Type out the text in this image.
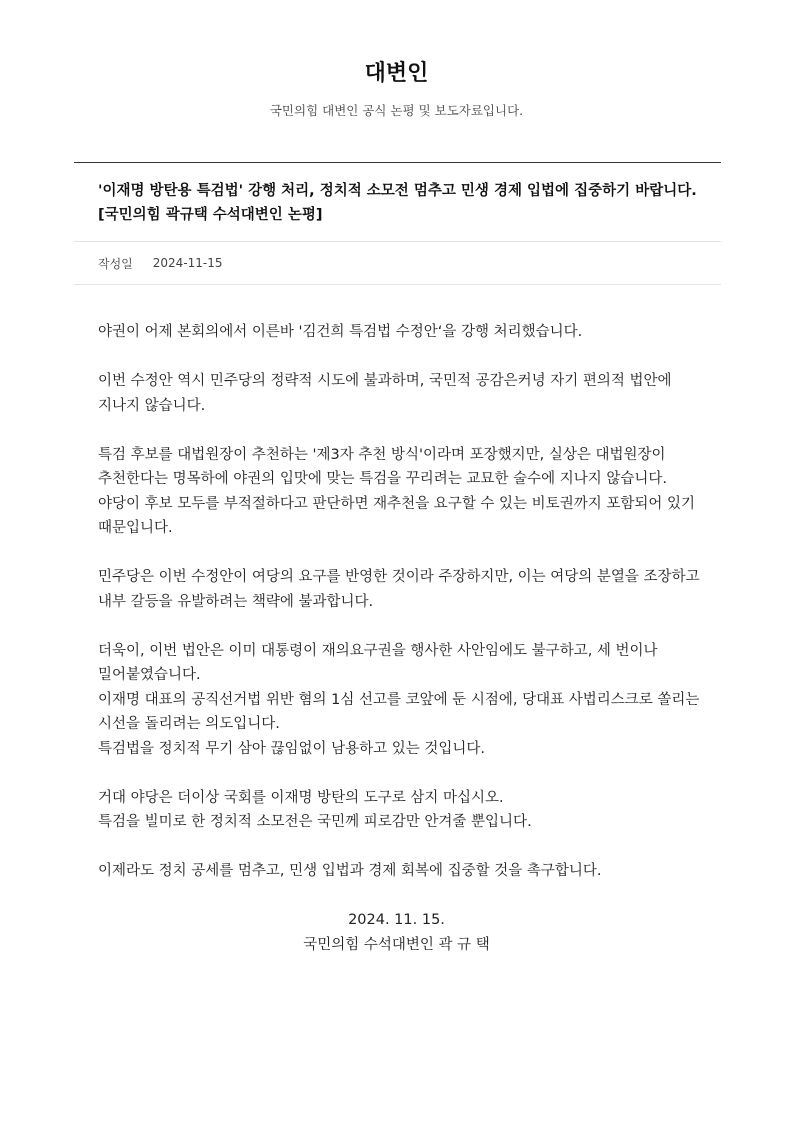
대변인
국민의힘 대변인 공식 논평 및 보도자료입니다.
'이재명 방탄용 특검법' 강행 처리, 정치적 소모전 멈추고 민생 경제 입법에 집중하기 바랍니다. [국민의힘 곽규택 수석대변인 논평]
작성일 2024-11-15

야권이 어제 본회의에서 이른바 '김건희 특검법 수정안‘을 강행 처리했습니다.

이번 수정안 역시 민주당의 정략적 시도에 불과하며, 국민적 공감은커녕 자기 편의적 법안에 지나지 않습니다.

특검 후보를 대법원장이 추천하는 '제3자 추천 방식'이라며 포장했지만, 실상은 대법원장이 추천한다는 명목하에 야권의 입맛에 맞는 특검을 꾸리려는 교묘한 술수에 지나지 않습니다. 야당이 후보 모두를 부적절하다고 판단하면 재추천을 요구할 수 있는 비토권까지 포함되어 있기 때문입니다.

민주당은 이번 수정안이 여당의 요구를 반영한 것이라 주장하지만, 이는 여당의 분열을 조장하고 내부 갈등을 유발하려는 책략에 불과합니다.

더욱이, 이번 법안은 이미 대통령이 재의요구권을 행사한 사안임에도 불구하고, 세 번이나 밀어붙였습니다.
이재명 대표의 공직선거법 위반 혐의 1심 선고를 코앞에 둔 시점에, 당대표 사법리스크로 쏠리는 시선을 돌리려는 의도입니다.
특검법을 정치적 무기 삼아 끊임없이 남용하고 있는 것입니다.

거대 야당은 더이상 국회를 이재명 방탄의 도구로 삼지 마십시오.
특검을 빌미로 한 정치적 소모전은 국민께 피로감만 안겨줄 뿐입니다.

이제라도 정치 공세를 멈추고, 민생 입법과 경제 회복에 집중할 것을 촉구합니다.

2024. 11. 15.
국민의힘 수석대변인 곽 규 택
